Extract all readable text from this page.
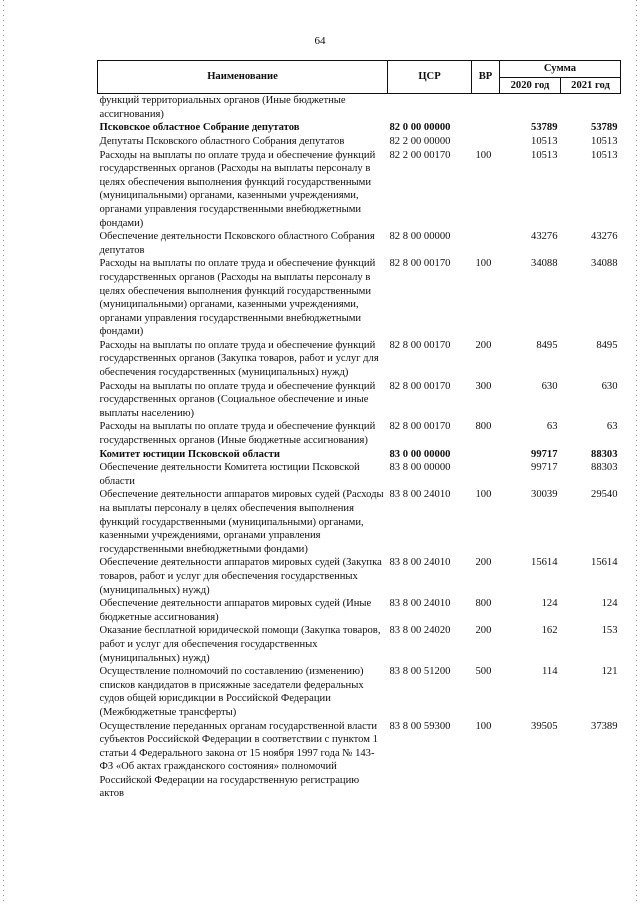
64
Наименование	ЦСР	ВР	Сумма	
			2020 год	2021 год
функций территориальных органов (Иные бюджетные ассигнования)				
Псковское областное Собрание депутатов	82 0 00 00000		53789	53789
Депутаты Псковского областного Собрания депутатов	82 2 00 00000		10513	10513
Расходы на выплаты по оплате труда и обеспечение функций государственных органов (Расходы на выплаты персоналу в целях обеспечения выполнения функций государственными (муниципальными) органами, казенными учреждениями, органами управления государственными внебюджетными фондами)	82 2 00 00170	100	10513	10513
Обеспечение деятельности Псковского областного Собрания депутатов	82 8 00 00000		43276	43276
Расходы на выплаты по оплате труда и обеспечение функций государственных органов (Расходы на выплаты персоналу в целях обеспечения выполнения функций государственными (муниципальными) органами, казенными учреждениями, органами управления государственными внебюджетными фондами)	82 8 00 00170	100	34088	34088
Расходы на выплаты по оплате труда и обеспечение функций государственных органов (Закупка товаров, работ и услуг для обеспечения государственных (муниципальных) нужд)	82 8 00 00170	200	8495	8495
Расходы на выплаты по оплате труда и обеспечение функций государственных органов (Социальное обеспечение и иные выплаты населению)	82 8 00 00170	300	630	630
Расходы на выплаты по оплате труда и обеспечение функций государственных органов (Иные бюджетные ассигнования)	82 8 00 00170	800	63	63
Комитет юстиции Псковской области	83 0 00 00000		99717	88303
Обеспечение деятельности Комитета юстиции Псковской области	83 8 00 00000		99717	88303
Обеспечение деятельности аппаратов мировых судей (Расходы на выплаты персоналу в целях обеспечения выполнения функций государственными (муниципальными) органами, казенными учреждениями, органами управления государственными внебюджетными фондами)	83 8 00 24010	100	30039	29540
Обеспечение деятельности аппаратов мировых судей (Закупка товаров, работ и услуг для обеспечения государственных (муниципальных) нужд)	83 8 00 24010	200	15614	15614
Обеспечение деятельности аппаратов мировых судей (Иные бюджетные ассигнования)	83 8 00 24010	800	124	124
Оказание бесплатной юридической помощи (Закупка товаров, работ и услуг для обеспечения государственных (муниципальных) нужд)	83 8 00 24020	200	162	153
Осуществление полномочий по составлению (изменению) списков кандидатов в присяжные заседатели федеральных судов общей юрисдикции в Российской Федерации (Межбюджетные трансферты)	83 8 00 51200	500	114	121
Осуществление переданных органам государственной власти субъектов Российской Федерации в соответствии с пунктом 1 статьи 4 Федерального закона от 15 ноября 1997 года № 143-ФЗ «Об актах гражданского состояния» полномочий Российской Федерации на государственную регистрацию актов	83 8 00 59300	100	39505	37389
